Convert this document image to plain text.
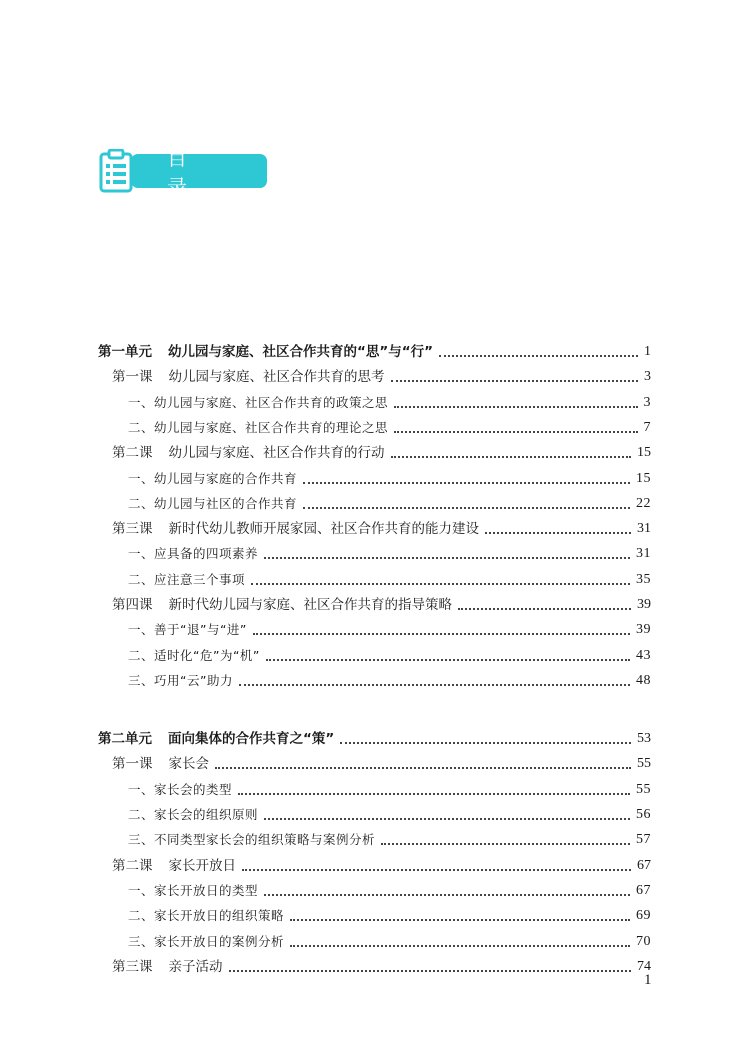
目 录
第一单元 幼儿园与家庭、社区合作共育的“思”与“行”	1
第一课 幼儿园与家庭、社区合作共育的思考	3
一、幼儿园与家庭、社区合作共育的政策之思	3
二、幼儿园与家庭、社区合作共育的理论之思	7
第二课 幼儿园与家庭、社区合作共育的行动	15
一、幼儿园与家庭的合作共育	15
二、幼儿园与社区的合作共育	22
第三课 新时代幼儿教师开展家园、社区合作共育的能力建设	31
一、应具备的四项素养	31
二、应注意三个事项	35
第四课 新时代幼儿园与家庭、社区合作共育的指导策略	39
一、善于“退”与“进”	39
二、适时化“危”为“机”	43
三、巧用“云”助力	48
第二单元 面向集体的合作共育之“策”	53
第一课 家长会	55
一、家长会的类型	55
二、家长会的组织原则	56
三、不同类型家长会的组织策略与案例分析	57
第二课 家长开放日	67
一、家长开放日的类型	67
二、家长开放日的组织策略	69
三、家长开放日的案例分析	70
第三课 亲子活动	74
1
